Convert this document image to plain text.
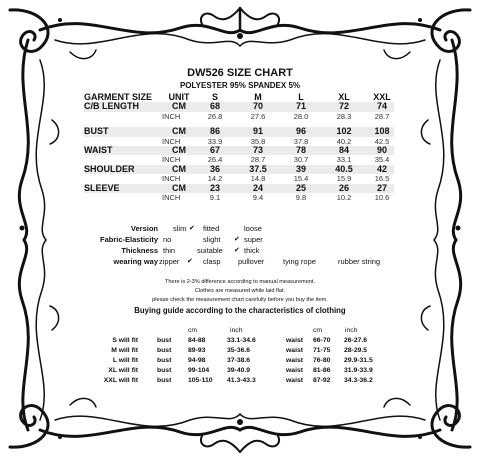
DW526 SIZE CHART
POLYESTER 95% SPANDEX 5%
GARMENT SIZE	UNIT	S	M	L	XL	XXL
C/B LENGTH	CM	68	70	71	72	74
INCH	26.8	27.6	28.0	28.3	28.7
BUST	CM	86	91	96	102	108
INCH	33.9	35.8	37.8	40.2	42.5
WAIST	CM	67	73	78	84	90
INCH	26.4	28.7	30.7	33.1	35.4
SHOULDER	CM	36	37.5	39	40.5	42
INCH	14.2	14.8	15.4	15.9	16.5
SLEEVE	CM	23	24	25	26	27
INCH	9.1	9.4	9.8	10.2	10.6
Version slim ✔ fitted	loose
Fabric-Elasticity no	slight ✔ super
Thickness thin	suitable ✔ thick
wearing way zipper ✔ clasp pullover tying rope	rubber string
There is 2-3% difference according to manual measurement.
Clothes are measured while laid flat.
please check the measurement chart carefully before you buy the item.
Buying guide according to the characteristics of clothing
cm	inch	cm	inch
S will fit	bust 84-88	33.1-34.6	waist 66-70 26-27.6
M will fit	bust 89-93	35-36.6	waist 71-75 28-29.5
L will fit	bust 94-98	37-38.6	waist 76-80 29.9-31.5
XL will fit	bust 99-104	39-40.9	waist 81-86 31.9-33.9
XXL will fit	bust 105-110 41.3-43.3	waist 87-92 34.3-36.2
